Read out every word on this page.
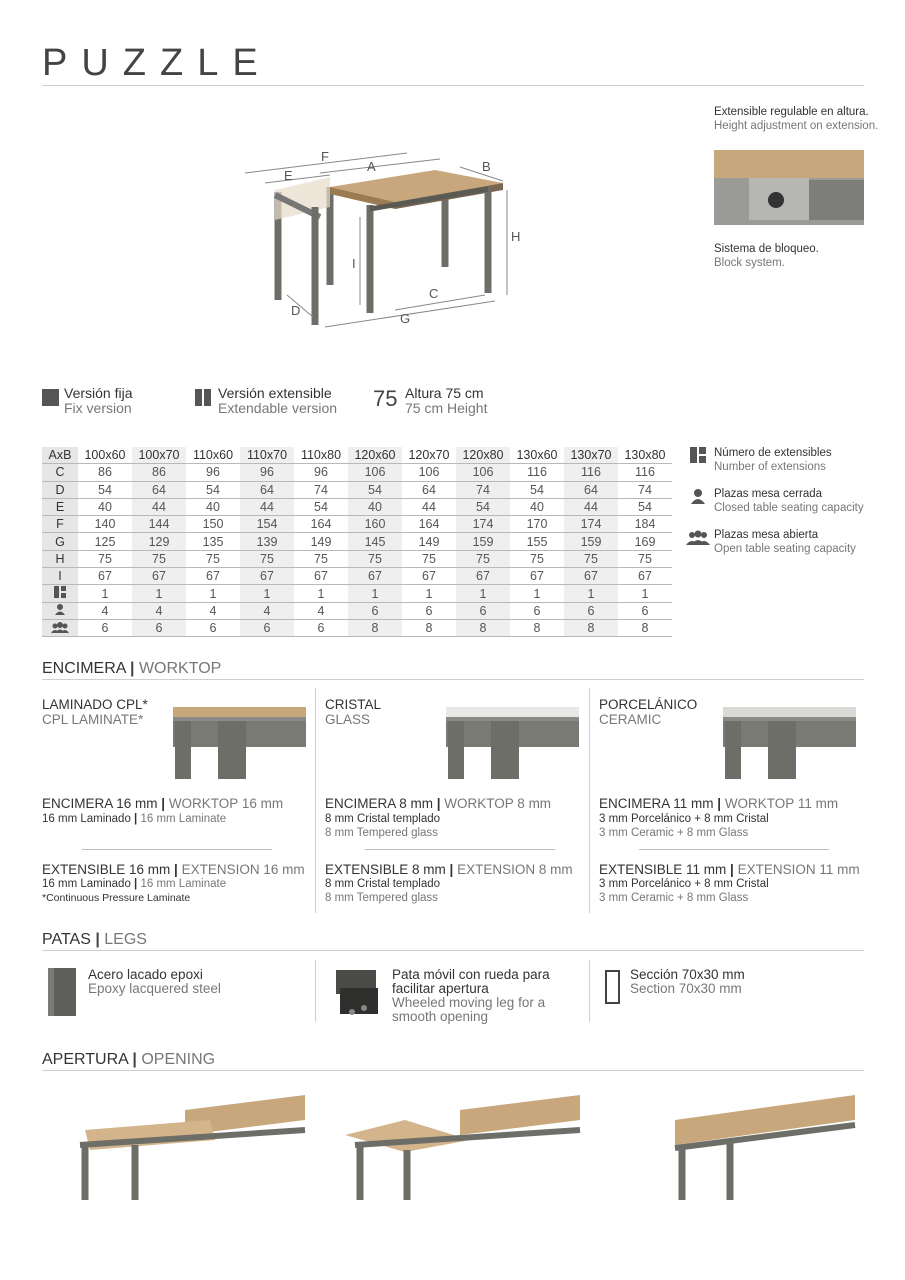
PUZZLE
F
A	B
E
H
I
C
D
G
Extensible regulable en altura.
Height adjustment on extension.
Sistema de bloqueo.
Block system.
Versión fija
Fix version
Versión extensible
Extendable version 75 Altura 75 cm
75 cm Height
AxB	100x60	100x70	110x60	110x70	110x80	120x60	120x70	120x80	130x60	130x70	130x80
C	86	86	96	96	96	106	106	106	116	116	116
D	54	64	54	64	74	54	64	74	54	64	74
E	40	44	40	44	54	40	44	54	40	44	54
F	140	144	150	154	164	160	164	174	170	174	184
G	125	129	135	139	149	145	149	159	155	159	169
H	75	75	75	75	75	75	75	75	75	75	75
I	67	67	67	67	67	67	67	67	67	67	67
	1	1	1	1	1	1	1	1	1	1	1
	4	4	4	4	4	6	6	6	6	6	6
	6	6	6	6	6	8	8	8	8	8	8
Número de extensibles
Number of extensions
Plazas mesa cerrada
Closed table seating capacity
Plazas mesa abierta
Open table seating capacity
ENCIMERA | WORKTOP
LAMINADO CPL*
CPL LAMINATE*
ENCIMERA 16 mm | WORKTOP 16 mm
16 mm Laminado | 16 mm Laminate
EXTENSIBLE 16 mm | EXTENSION 16 mm
16 mm Laminado | 16 mm Laminate
*Continuous Pressure Laminate
CRISTAL
GLASS
ENCIMERA 8 mm | WORKTOP 8 mm
8 mm Cristal templado
8 mm Tempered glass
EXTENSIBLE 8 mm | EXTENSION 8 mm
8 mm Cristal templado
8 mm Tempered glass
PORCELÁNICO
CERAMIC
ENCIMERA 11 mm | WORKTOP 11 mm
3 mm Porcelánico + 8 mm Cristal
3 mm Ceramic + 8 mm Glass
EXTENSIBLE 11 mm | EXTENSION 11 mm
3 mm Porcelánico + 8 mm Cristal
3 mm Ceramic + 8 mm Glass
PATAS | LEGS
Acero lacado epoxi
Epoxy lacquered steel
Pata móvil con rueda para
facilitar apertura
Wheeled moving leg for a
smooth opening
Sección 70x30 mm
Section 70x30 mm
APERTURA | OPENING
